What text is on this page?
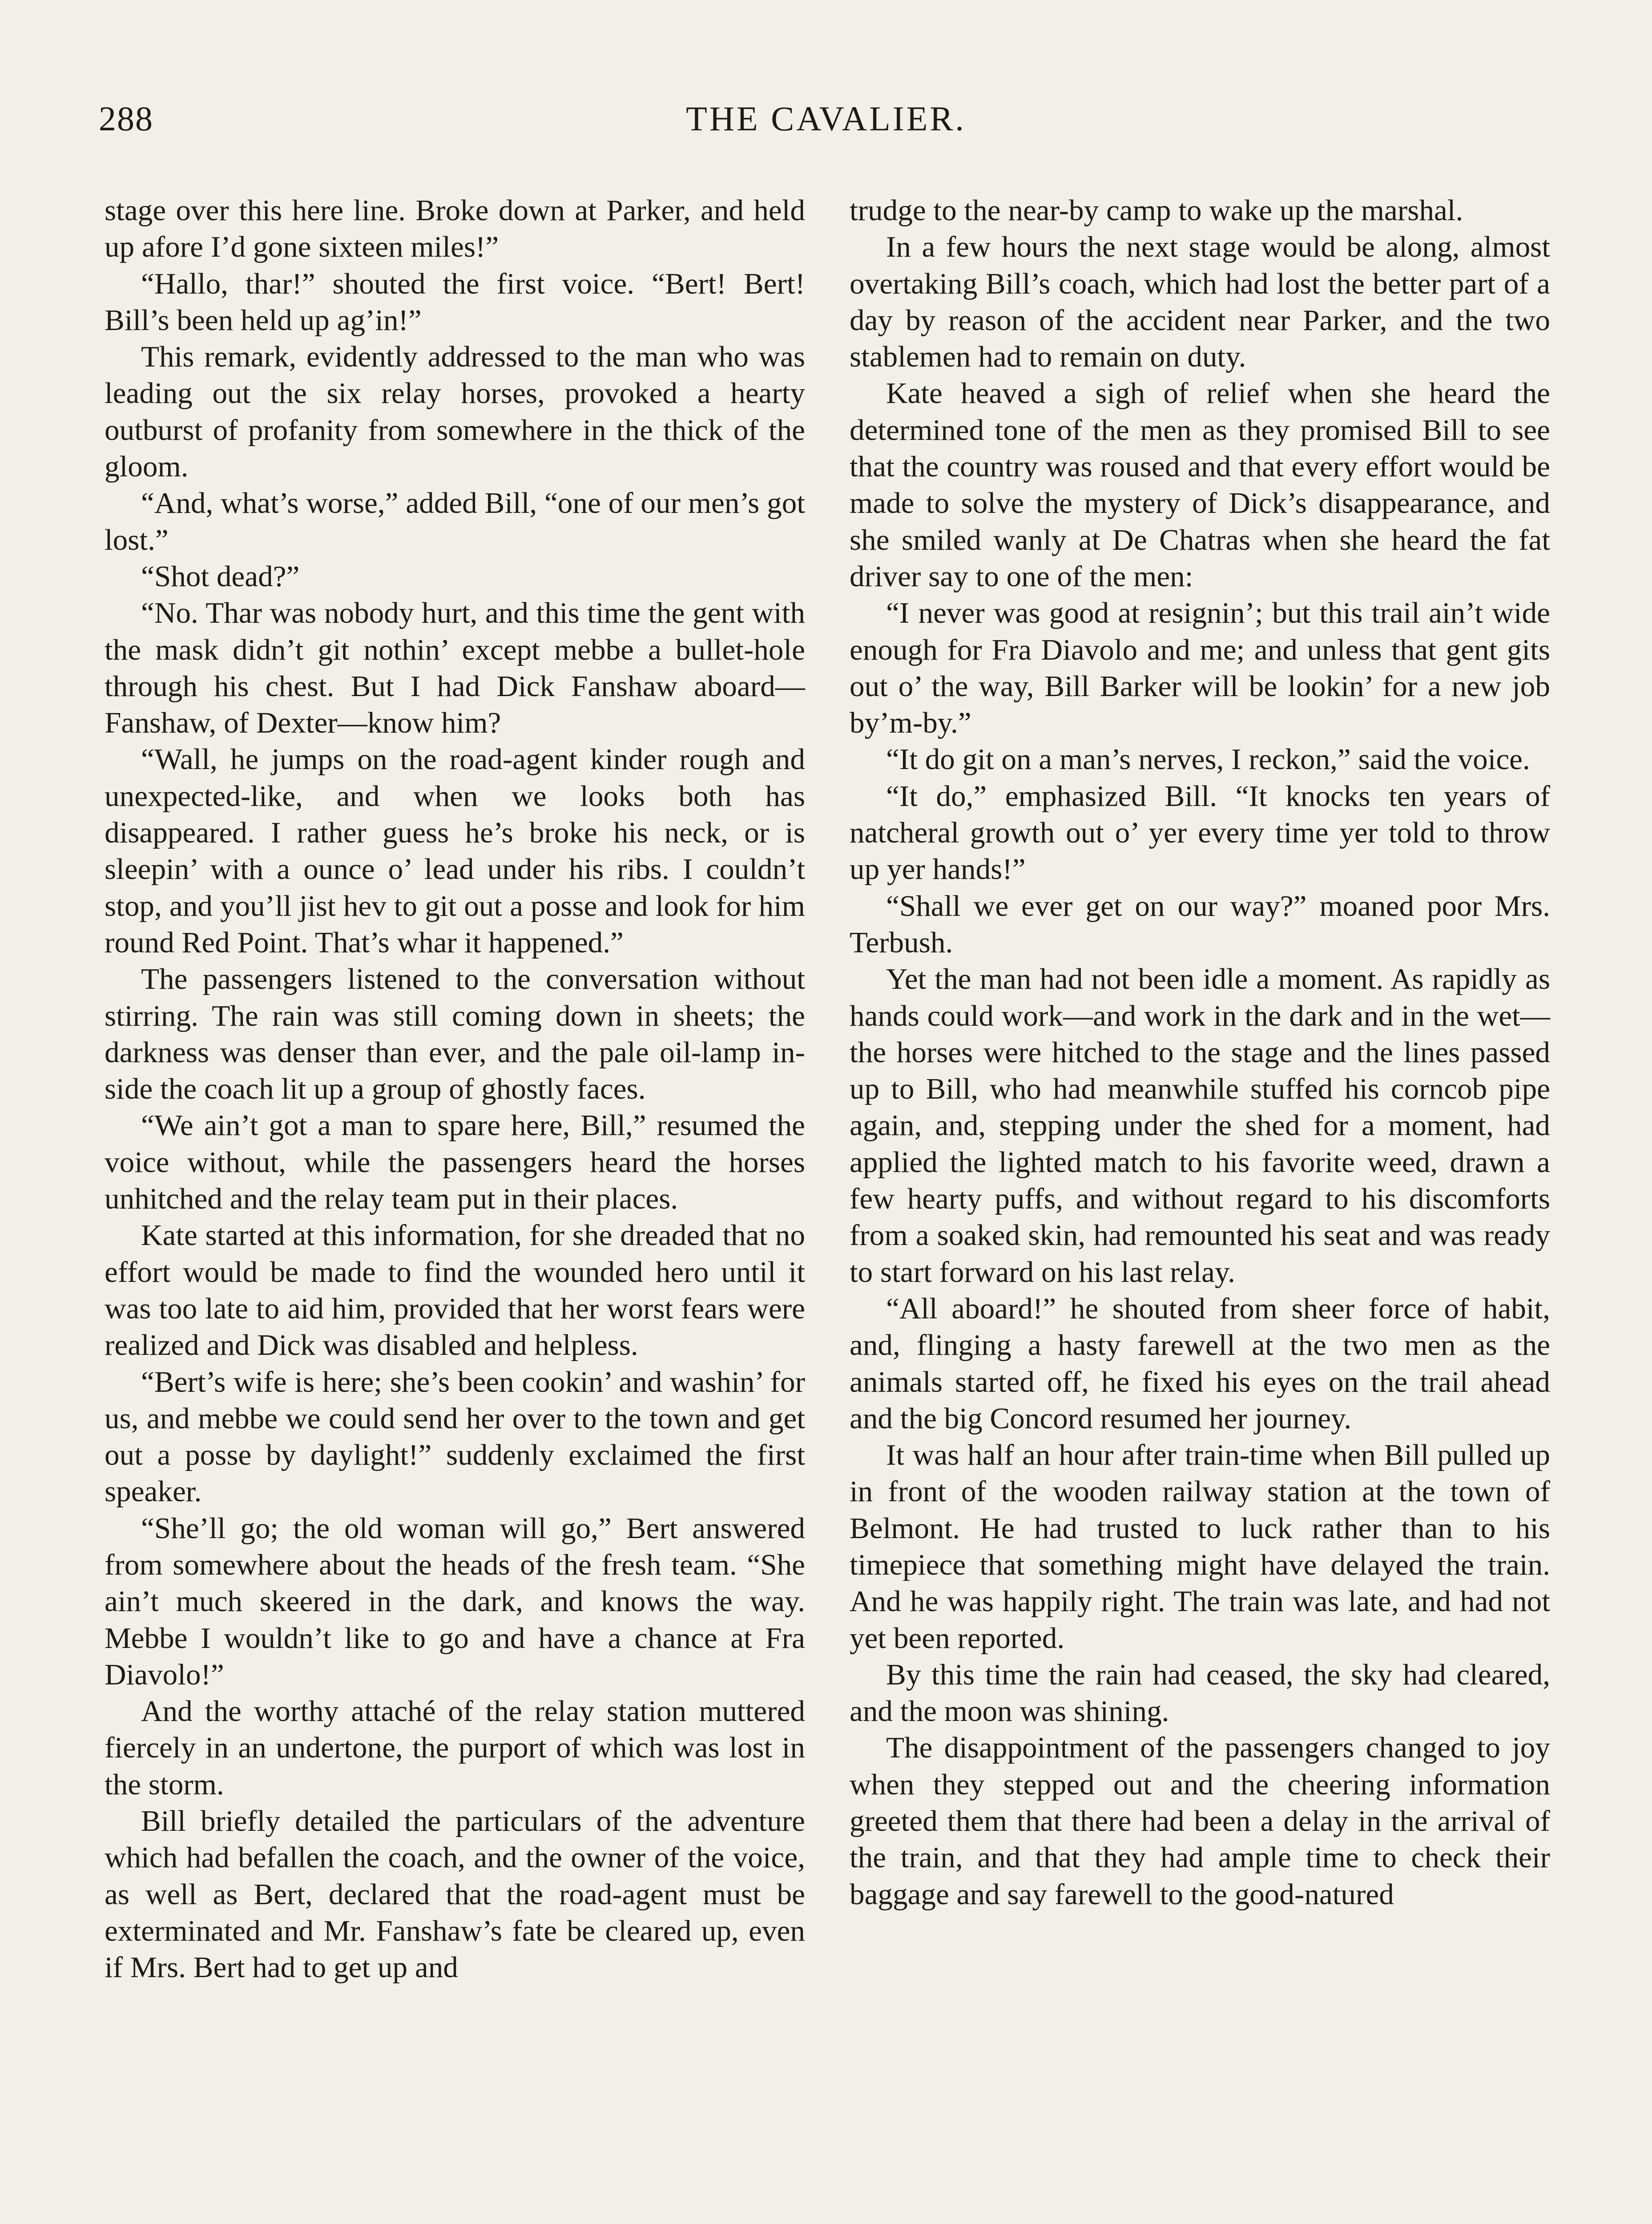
288	THE CAVALIER.

stage over this here line. Broke down at Parker, and held up afore I’d gone sixteen miles!”

“Hallo, thar!” shouted the first voice. “Bert! Bert! Bill’s been held up ag’in!”

This remark, evidently addressed to the man who was leading out the six relay horses, provoked a hearty outburst of profanity from somewhere in the thick of the gloom.

“And, what’s worse,” added Bill, “one of our men’s got lost.”

“Shot dead?”

“No. Thar was nobody hurt, and this time the gent with the mask didn’t git nothin’ except mebbe a bullet-hole through his chest. But I had Dick Fanshaw aboard—Fanshaw, of Dexter—know him?

“Wall, he jumps on the road-agent kinder rough and unexpected-like, and when we looks both has disappeared. I rather guess he’s broke his neck, or is sleepin’ with a ounce o’ lead under his ribs. I couldn’t stop, and you’ll jist hev to git out a posse and look for him round Red Point. That’s whar it happened.”

The passengers listened to the conversation without stirring. The rain was still coming down in sheets; the darkness was denser than ever, and the pale oil-lamp inside the coach lit up a group of ghostly faces.

“We ain’t got a man to spare here, Bill,” resumed the voice without, while the passengers heard the horses unhitched and the relay team put in their places.

Kate started at this information, for she dreaded that no effort would be made to find the wounded hero until it was too late to aid him, provided that her worst fears were realized and Dick was disabled and helpless.

“Bert’s wife is here; she’s been cookin’ and washin’ for us, and mebbe we could send her over to the town and get out a posse by daylight!” suddenly exclaimed the first speaker.

“She’ll go; the old woman will go,” Bert answered from somewhere about the heads of the fresh team. “She ain’t much skeered in the dark, and knows the way. Mebbe I wouldn’t like to go and have a chance at Fra Diavolo!”

And the worthy attaché of the relay station muttered fiercely in an undertone, the purport of which was lost in the storm.

Bill briefly detailed the particulars of the adventure which had befallen the coach, and the owner of the voice, as well as Bert, declared that the road-agent must be exterminated and Mr. Fanshaw’s fate be cleared up, even if Mrs. Bert had to get up and

trudge to the near-by camp to wake up the marshal.

In a few hours the next stage would be along, almost overtaking Bill’s coach, which had lost the better part of a day by reason of the accident near Parker, and the two stablemen had to remain on duty.

Kate heaved a sigh of relief when she heard the determined tone of the men as they promised Bill to see that the country was roused and that every effort would be made to solve the mystery of Dick’s disappearance, and she smiled wanly at De Chatras when she heard the fat driver say to one of the men:

“I never was good at resignin’; but this trail ain’t wide enough for Fra Diavolo and me; and unless that gent gits out o’ the way, Bill Barker will be lookin’ for a new job by’m-by.”

“It do git on a man’s nerves, I reckon,” said the voice.

“It do,” emphasized Bill. “It knocks ten years of natcheral growth out o’ yer every time yer told to throw up yer hands!”

“Shall we ever get on our way?” moaned poor Mrs. Terbush.

Yet the man had not been idle a moment. As rapidly as hands could work—and work in the dark and in the wet—the horses were hitched to the stage and the lines passed up to Bill, who had meanwhile stuffed his corncob pipe again, and, stepping under the shed for a moment, had applied the lighted match to his favorite weed, drawn a few hearty puffs, and without regard to his discomforts from a soaked skin, had remounted his seat and was ready to start forward on his last relay.

“All aboard!” he shouted from sheer force of habit, and, flinging a hasty farewell at the two men as the animals started off, he fixed his eyes on the trail ahead and the big Concord resumed her journey.

It was half an hour after train-time when Bill pulled up in front of the wooden railway station at the town of Belmont. He had trusted to luck rather than to his timepiece that something might have delayed the train. And he was happily right. The train was late, and had not yet been reported.

By this time the rain had ceased, the sky had cleared, and the moon was shining.

The disappointment of the passengers changed to joy when they stepped out and the cheering information greeted them that there had been a delay in the arrival of the train, and that they had ample time to check their baggage and say farewell to the good-natured
